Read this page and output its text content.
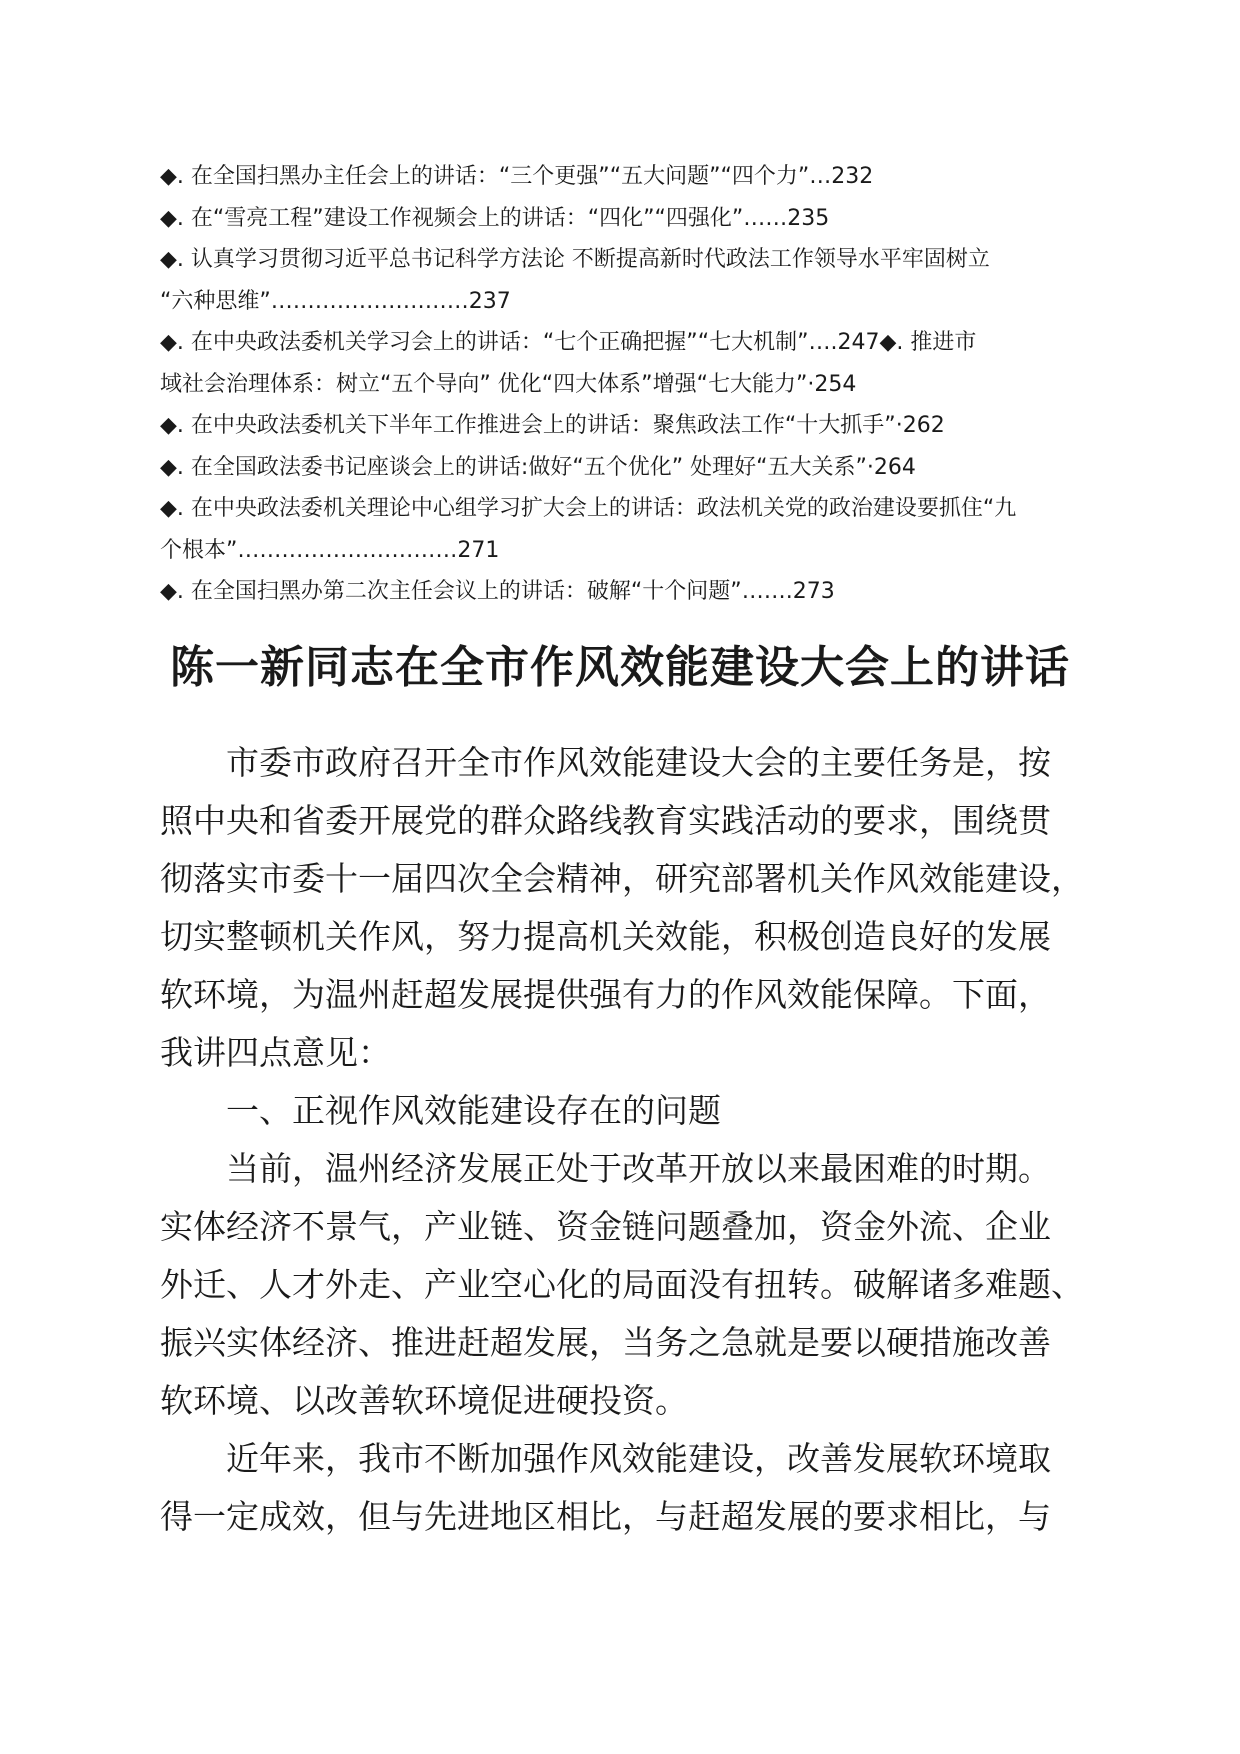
◆. 在全国扫黑办主任会上的讲话：“三个更强”“五大问题”“四个力”…232

◆. 在“雪亮工程”建设工作视频会上的讲话：“四化”“四强化”……235

◆. 认真学习贯彻习近平总书记科学方法论 不断提高新时代政法工作领导水平牢固树立

“六种思维”………………………237

◆. 在中央政法委机关学习会上的讲话：“七个正确把握”“七大机制”….247◆. 推进市

域社会治理体系：树立“五个导向” 优化“四大体系”增强“七大能力”·254

◆. 在中央政法委机关下半年工作推进会上的讲话：聚焦政法工作“十大抓手”·262

◆. 在全国政法委书记座谈会上的讲话:做好“五个优化” 处理好“五大关系”·264

◆. 在中央政法委机关理论中心组学习扩大会上的讲话：政法机关党的政治建设要抓住“九

个根本”…………………………271

◆. 在全国扫黑办第二次主任会议上的讲话：破解“十个问题”…….273

陈一新同志在全市作风效能建设大会上的讲话

　　市委市政府召开全市作风效能建设大会的主要任务是，按

照中央和省委开展党的群众路线教育实践活动的要求，围绕贯

彻落实市委十一届四次全会精神，研究部署机关作风效能建设，

切实整顿机关作风，努力提高机关效能，积极创造良好的发展

软环境，为温州赶超发展提供强有力的作风效能保障。下面，

我讲四点意见：

　　一、正视作风效能建设存在的问题

　　当前，温州经济发展正处于改革开放以来最困难的时期。

实体经济不景气，产业链、资金链问题叠加，资金外流、企业

外迁、人才外走、产业空心化的局面没有扭转。破解诸多难题、

振兴实体经济、推进赶超发展，当务之急就是要以硬措施改善

软环境、以改善软环境促进硬投资。

　　近年来，我市不断加强作风效能建设，改善发展软环境取

得一定成效，但与先进地区相比，与赶超发展的要求相比，与
